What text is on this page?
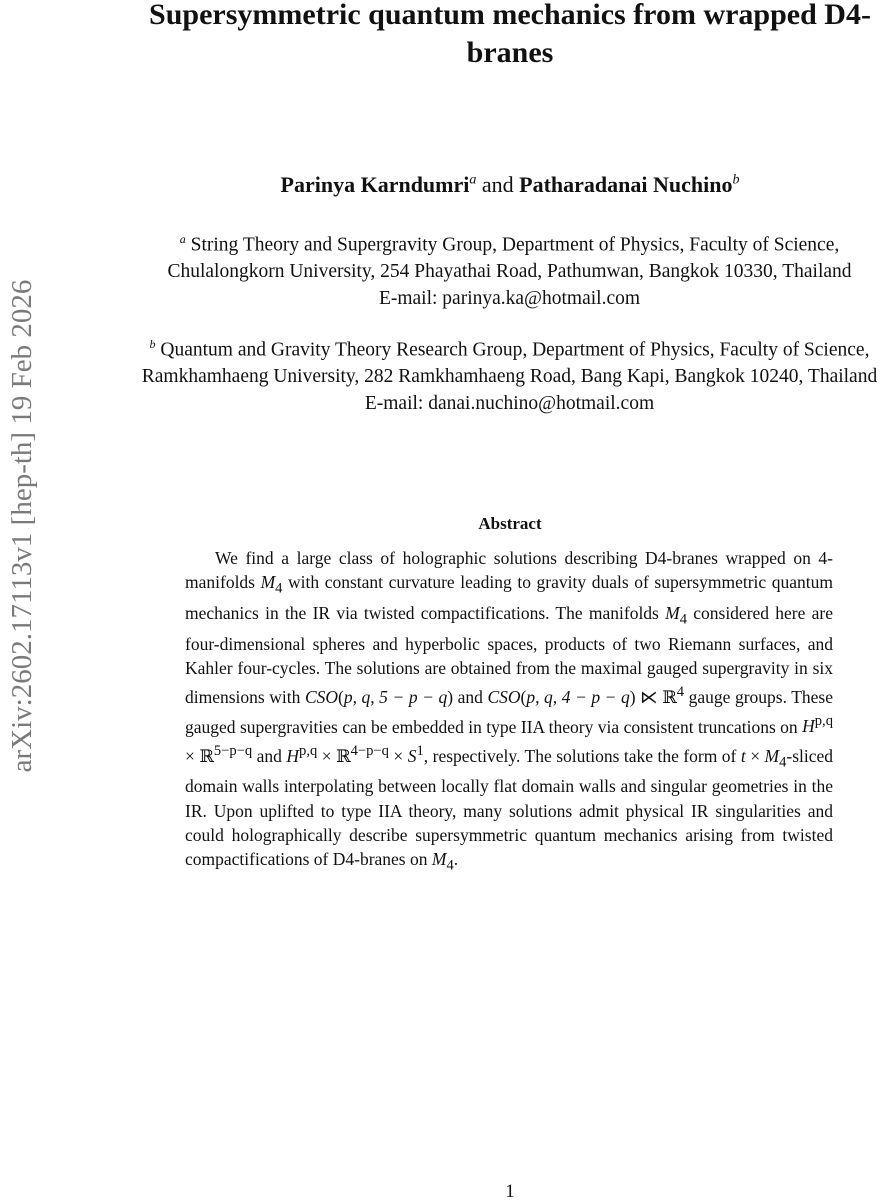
arXiv:2602.17113v1 [hep-th] 19 Feb 2026
Supersymmetric quantum mechanics from wrapped D4-branes
Parinya Karndumri$^a$ and Patharadanai Nuchino$^b$
$^a$ String Theory and Supergravity Group, Department of Physics, Faculty of Science, Chulalongkorn University, 254 Phayathai Road, Pathumwan, Bangkok 10330, Thailand
E-mail: parinya.ka@hotmail.com
$^b$ Quantum and Gravity Theory Research Group, Department of Physics, Faculty of Science, Ramkhamhaeng University, 282 Ramkhamhaeng Road, Bang Kapi, Bangkok 10240, Thailand
E-mail: danai.nuchino@hotmail.com
Abstract
We find a large class of holographic solutions describing D4-branes wrapped on 4-manifolds $M_4$ with constant curvature leading to gravity duals of supersymmetric quantum mechanics in the IR via twisted compactifications. The manifolds $M_4$ considered here are four-dimensional spheres and hyperbolic spaces, products of two Riemann surfaces, and Kahler four-cycles. The solutions are obtained from the maximal gauged supergravity in six dimensions with CSO(p, q, 5 − p − q) and CSO(p, q, 4 − p − q) ⋉ ℝ$^4$ gauge groups. These gauged supergravities can be embedded in type IIA theory via consistent truncations on H$^{p,q}$ × ℝ$^{5-p-q}$ and H$^{p,q}$ × ℝ$^{4-p-q}$ × $S^1$, respectively. The solutions take the form of $t \times M_4$-sliced domain walls interpolating between locally flat domain walls and singular geometries in the IR. Upon uplifted to type IIA theory, many solutions admit physical IR singularities and could holographically describe supersymmetric quantum mechanics arising from twisted compactifications of D4-branes on $M_4$.
1
